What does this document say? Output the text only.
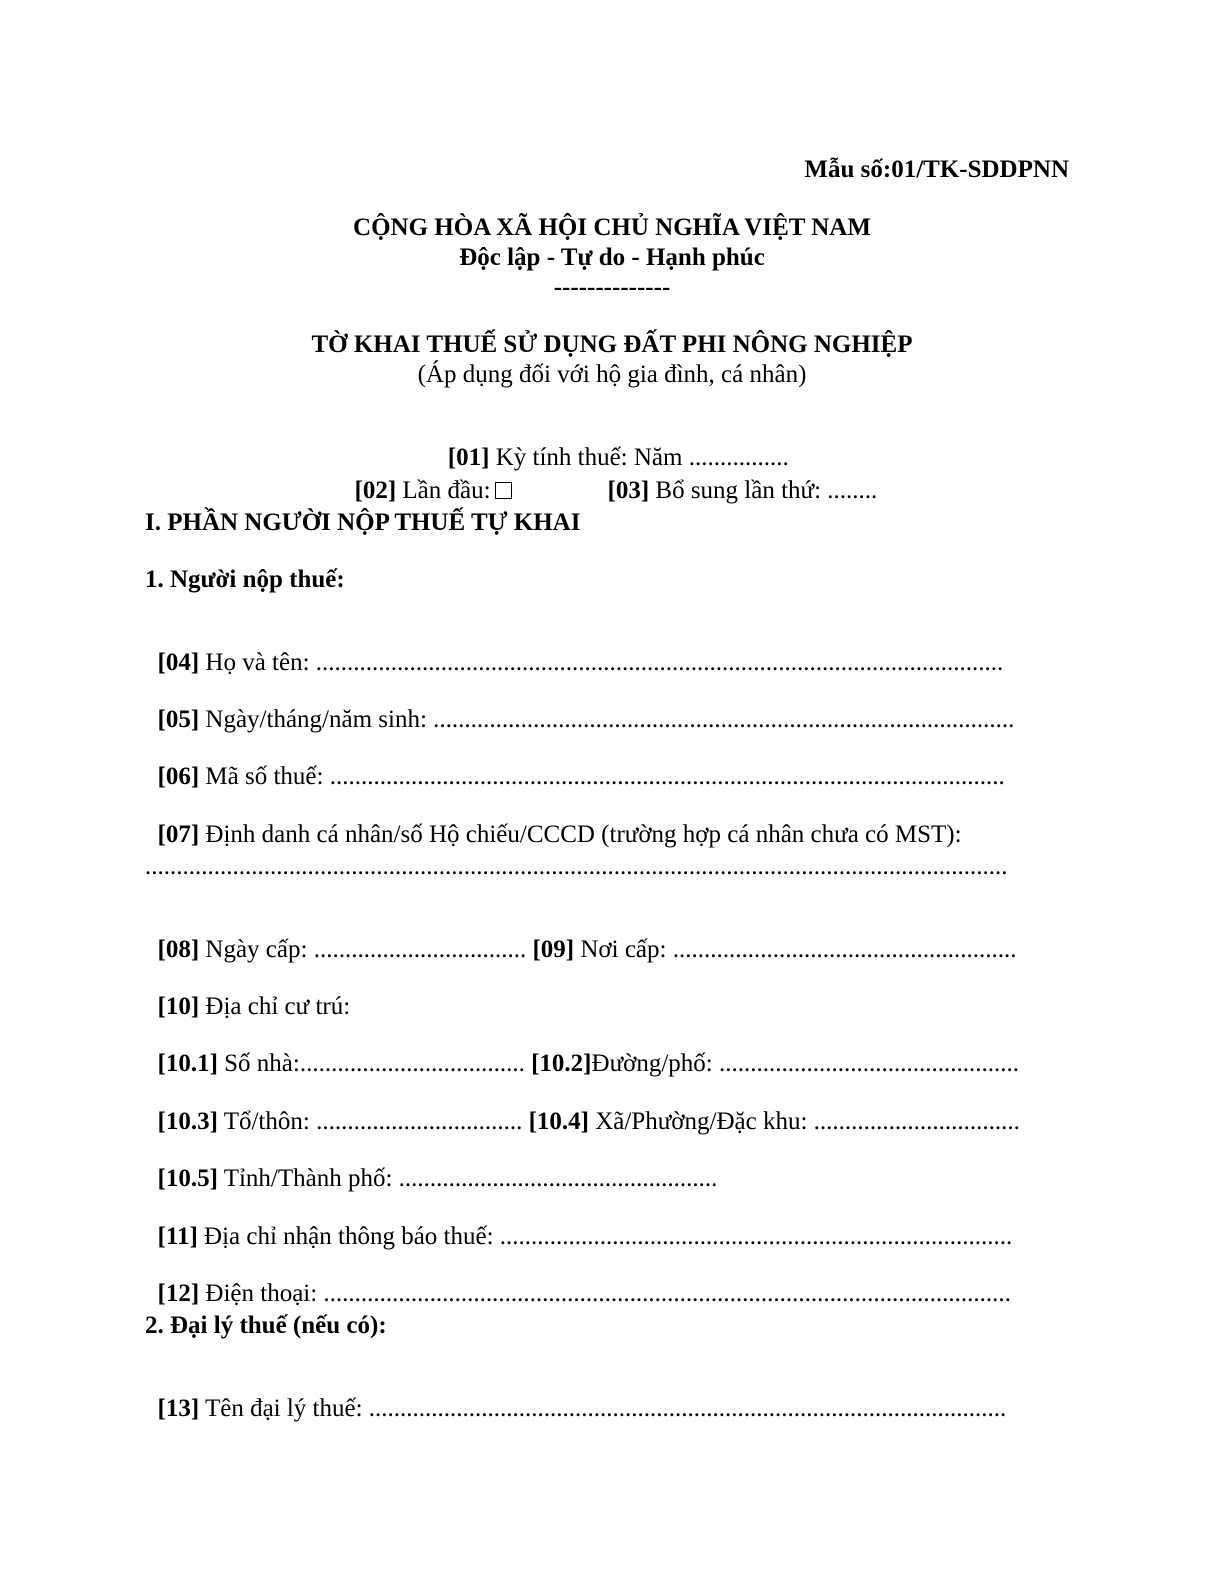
Mẫu số:01/TK-SDDPNN
CỘNG HÒA XÃ HỘI CHỦ NGHĨA VIỆT NAM
Độc lập - Tự do - Hạnh phúc
--------------
TỜ KHAI THUẾ SỬ DỤNG ĐẤT PHI NÔNG NGHIỆP
(Áp dụng đối với hộ gia đình, cá nhân)

[01] Kỳ tính thuế: Năm ................

[02] Lần đầu:	[03] Bổ sung lần thứ: ........

I. PHẦN NGƯỜI NỘP THUẾ TỰ KHAI
1. Người nộp thuế:

[04] Họ và tên: ..............................................................................................................

[05] Ngày/tháng/năm sinh: .............................................................................................

[06] Mã số thuế: ............................................................................................................

[07] Định danh cá nhân/số Hộ chiếu/CCCD (trường hợp cá nhân chưa có MST):

..........................................................................................................................................

[08] Ngày cấp: .................................. [09] Nơi cấp: .......................................................

[10] Địa chỉ cư trú:

[10.1] Số nhà:.................................... [10.2]Đường/phố: ................................................

[10.3] Tổ/thôn: ................................. [10.4] Xã/Phường/Đặc khu: .................................

[10.5] Tỉnh/Thành phố: ...................................................

[11] Địa chỉ nhận thông báo thuế: ..................................................................................

[12] Điện thoại: ..............................................................................................................

2. Đại lý thuế (nếu có):

[13] Tên đại lý thuế: ......................................................................................................
